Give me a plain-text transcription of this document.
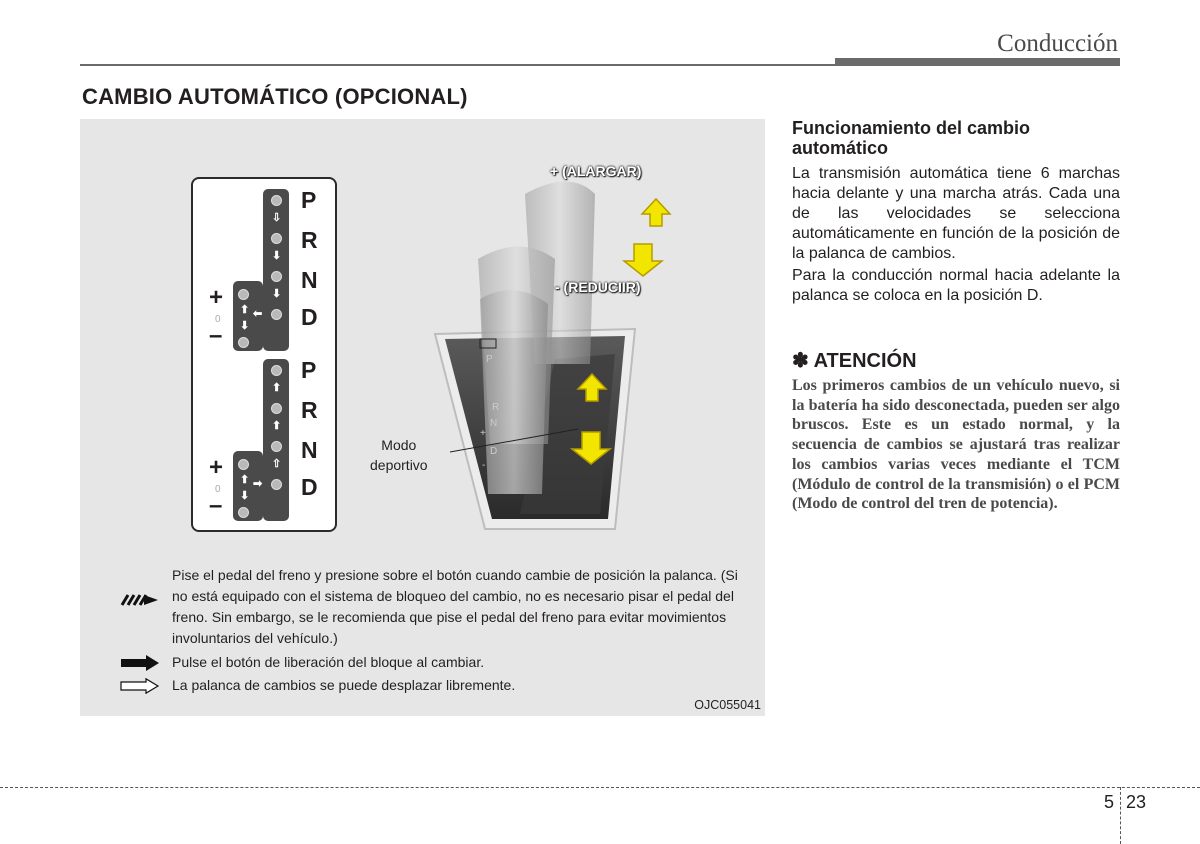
Conducción
CAMBIO AUTOMÁTICO (OPCIONAL)
⇩
⬇
⬇
⬅
⬆
⬇
P
R
N
D
+
0
–
⬆
⬆
⇧
➡
⬆
⬇
P
R
N
D
+
0
–
P
R
N
+
D
-
+ (ALARGAR)
- (REDUCIIR)
Modo
deportivo
Pise el pedal del freno y presione sobre el botón cuando cambie de posición la palanca. (Si no está equipado con el sistema de bloqueo del cambio, no es necesario pisar el pedal del freno. Sin embargo, se le recomienda que pise el pedal del freno para evitar movimientos involuntarios del vehículo.)
Pulse el botón de liberación del bloque al cambiar.
La palanca de cambios se puede desplazar libremente.
OJC055041
Funcionamiento del cambio automático
La transmisión automática tiene 6 marchas hacia delante y una marcha atrás. Cada una de las velocidades se selecciona automáticamente en función de la posición de la palanca de cambios.
Para la conducción normal hacia adelante la palanca se coloca en la posición D.
✽ ATENCIÓN
Los primeros cambios de un vehículo nuevo, si la batería ha sido desconectada, pueden ser algo bruscos. Este es un estado normal, y la secuencia de cambios se ajustará tras realizar los cambios varias veces mediante el TCM (Módulo de control de la transmisión) o el PCM (Modo de control del tren de potencia).
5 23
